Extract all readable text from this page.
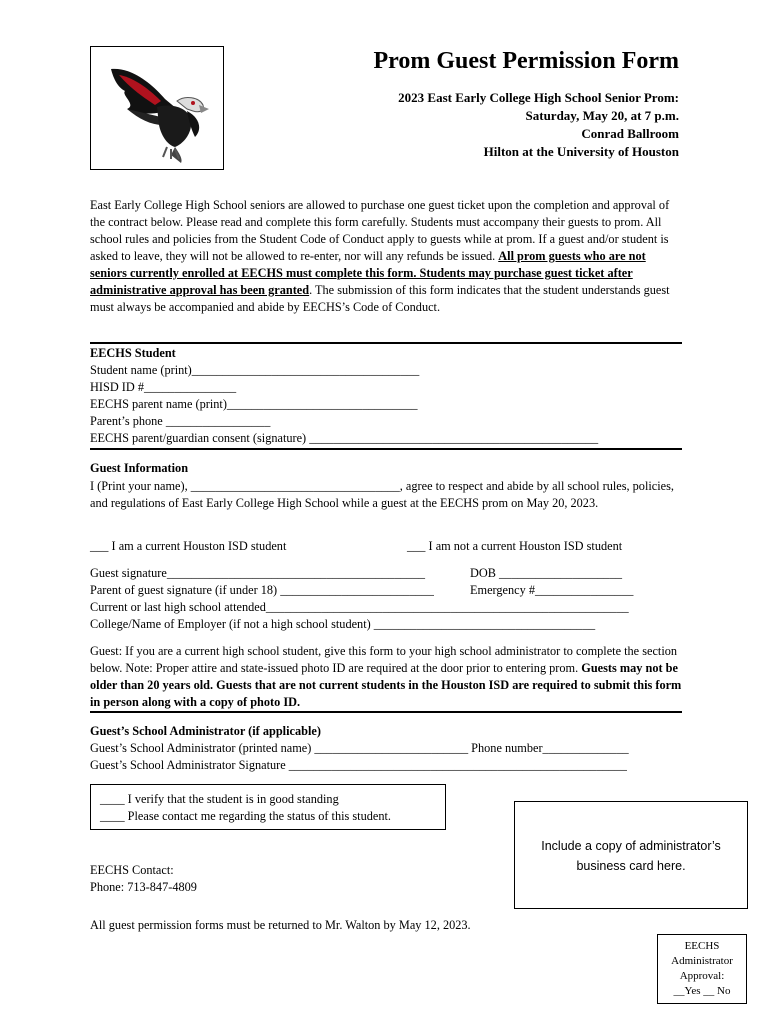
Prom Guest Permission Form
2023 East Early College High School Senior Prom:
Saturday, May 20, at 7 p.m.
Conrad Ballroom
Hilton at the University of Houston
East Early College High School seniors are allowed to purchase one guest ticket upon the completion and approval of the contract below. Please read and complete this form carefully. Students must accompany their guests to prom. All school rules and policies from the Student Code of Conduct apply to guests while at prom. If a guest and/or student is asked to leave, they will not be allowed to re-enter, nor will any refunds be issued. All prom guests who are not seniors currently enrolled at EECHS must complete this form. Students may purchase guest ticket after administrative approval has been granted. The submission of this form indicates that the student understands guest must always be accompanied and abide by EECHS’s Code of Conduct.
EECHS Student
Student name (print)_____________________________________
HISD ID #_______________
EECHS parent name (print)_______________________________
Parent’s phone _________________
EECHS parent/guardian consent (signature) _______________________________________________
Guest Information
I (Print your name), __________________________________, agree to respect and abide by all school rules, policies, and regulations of East Early College High School while a guest at the EECHS prom on May 20, 2023.
___ I am a current Houston ISD student	___ I am not a current Houston ISD student
Guest signature__________________________________________	DOB ____________________
Parent of guest signature (if under 18) _________________________	Emergency #________________
Current or last high school attended___________________________________________________________
College/Name of Employer (if not a high school student) ____________________________________
Guest: If you are a current high school student, give this form to your high school administrator to complete the section below. Note: Proper attire and state-issued photo ID are required at the door prior to entering prom. Guests may not be older than 20 years old. Guests that are not current students in the Houston ISD are required to submit this form in person along with a copy of photo ID.
Guest’s School Administrator (if applicable)
Guest’s School Administrator (printed name) _________________________ Phone number______________
Guest’s School Administrator Signature _______________________________________________________
____ I verify that the student is in good standing
____ Please contact me regarding the status of this student.
Include a copy of administrator’s
business card here.
EECHS Contact:
Phone: 713-847-4809
All guest permission forms must be returned to Mr. Walton by May 12, 2023.
EECHS
Administrator
Approval:
__Yes __ No
